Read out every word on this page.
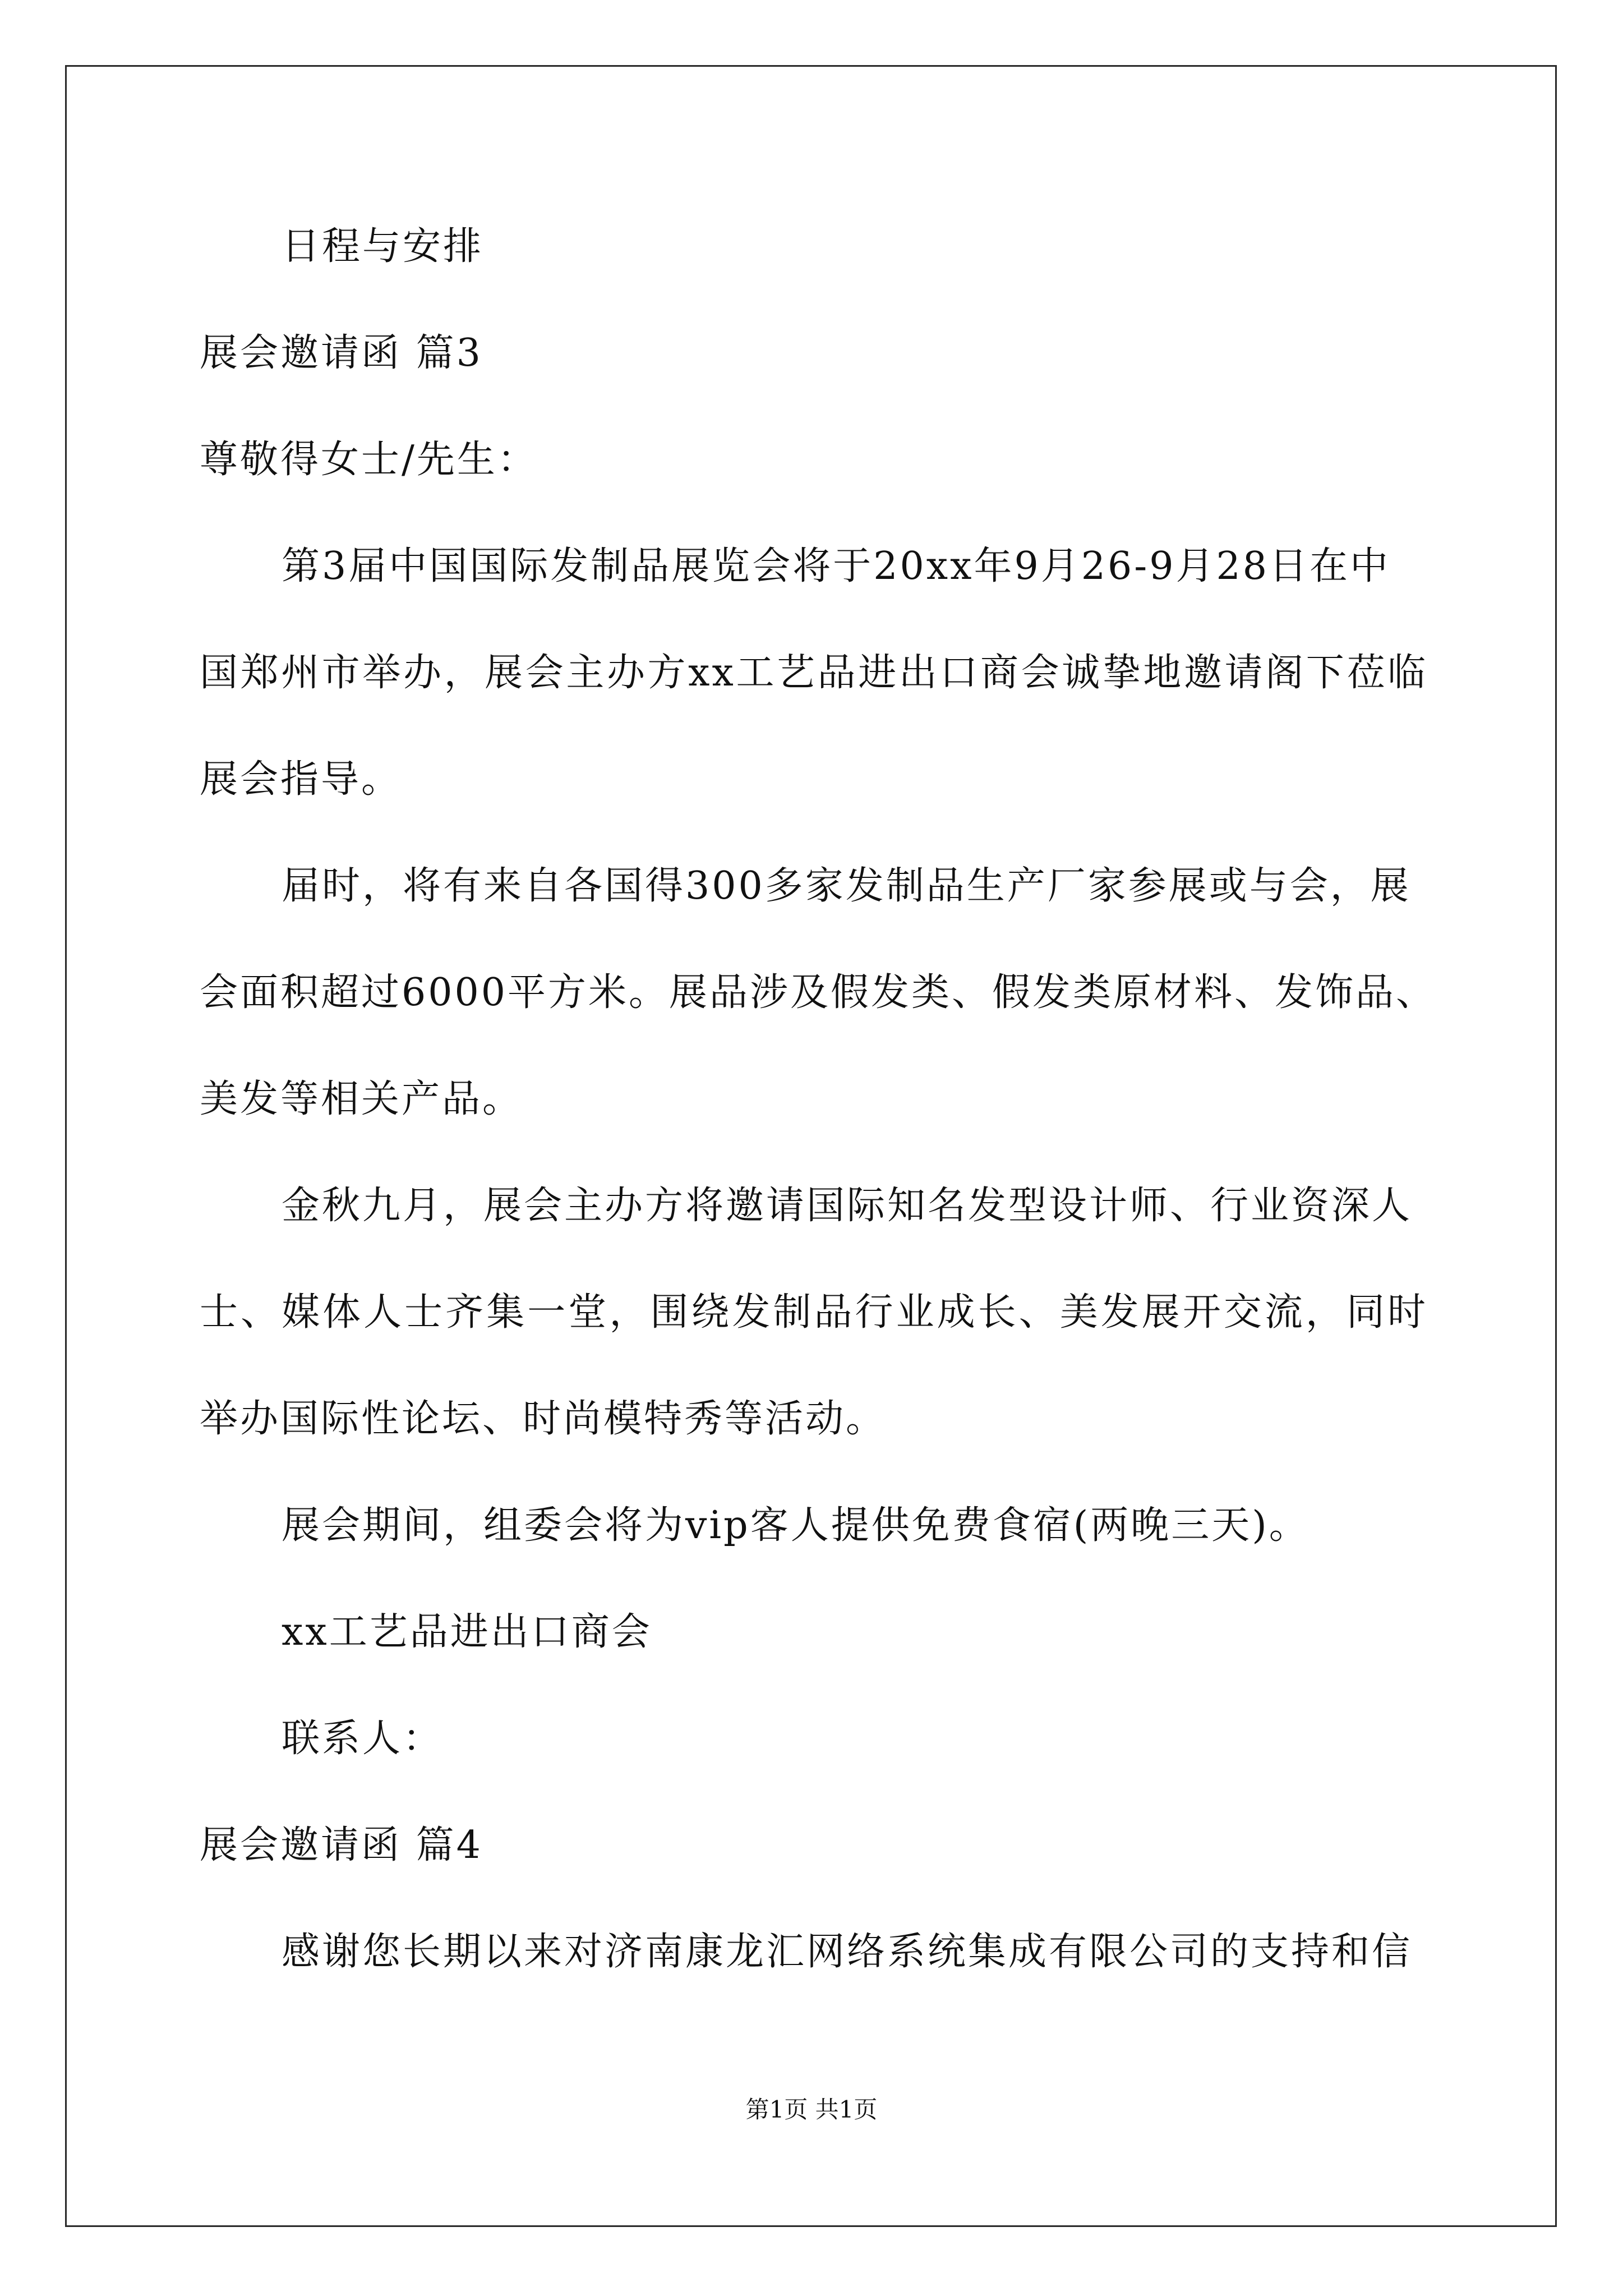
日程与安排
展会邀请函 篇3
尊敬得女士/先生：
第3届中国国际发制品展览会将于20xx年9月26-9月28日在中
国郑州市举办，展会主办方xx工艺品进出口商会诚挚地邀请阁下莅临
展会指导。
届时，将有来自各国得300多家发制品生产厂家参展或与会，展
会面积超过6000平方米。展品涉及假发类、假发类原材料、发饰品、
美发等相关产品。
金秋九月，展会主办方将邀请国际知名发型设计师、行业资深人
士、媒体人士齐集一堂，围绕发制品行业成长、美发展开交流，同时
举办国际性论坛、时尚模特秀等活动。
展会期间，组委会将为vip客人提供免费食宿(两晚三天)。
xx工艺品进出口商会
联系人：
展会邀请函 篇4
感谢您长期以来对济南康龙汇网络系统集成有限公司的支持和信
第1页 共1页
